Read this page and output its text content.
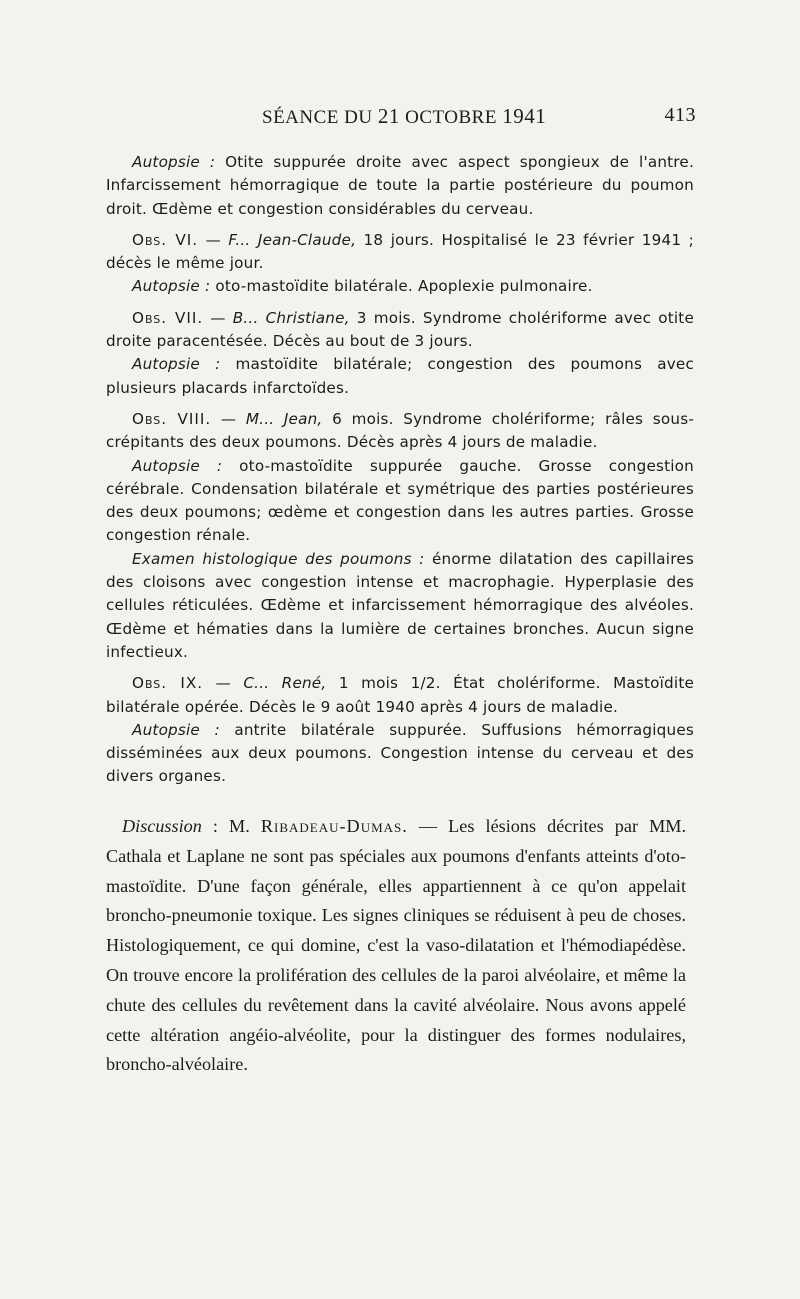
SÉANCE DU 21 OCTOBRE 1941	413

Autopsie : Otite suppurée droite avec aspect spongieux de l'antre. Infarcissement hémorragique de toute la partie postérieure du poumon droit. Œdème et congestion considérables du cerveau.

Obs. VI. — F... Jean-Claude, 18 jours. Hospitalisé le 23 février 1941 ; décès le même jour.

Autopsie : oto-mastoïdite bilatérale. Apoplexie pulmonaire.

Obs. VII. — B... Christiane, 3 mois. Syndrome cholériforme avec otite droite paracentésée. Décès au bout de 3 jours.

Autopsie : mastoïdite bilatérale; congestion des poumons avec plusieurs placards infarctoïdes.

Obs. VIII. — M... Jean, 6 mois. Syndrome cholériforme; râles sous-crépitants des deux poumons. Décès après 4 jours de maladie.

Autopsie : oto-mastoïdite suppurée gauche. Grosse congestion cérébrale. Condensation bilatérale et symétrique des parties postérieures des deux poumons; œdème et congestion dans les autres parties. Grosse congestion rénale.

Examen histologique des poumons : énorme dilatation des capillaires des cloisons avec congestion intense et macrophagie. Hyperplasie des cellules réticulées. Œdème et infarcissement hémorragique des alvéoles. Œdème et hématies dans la lumière de certaines bronches. Aucun signe infectieux.

Obs. IX. — C... René, 1 mois 1/2. État cholériforme. Mastoïdite bilatérale opérée. Décès le 9 août 1940 après 4 jours de maladie.

Autopsie : antrite bilatérale suppurée. Suffusions hémorragiques disséminées aux deux poumons. Congestion intense du cerveau et des divers organes.

Discussion : M. Ribadeau-Dumas. — Les lésions décrites par MM. Cathala et Laplane ne sont pas spéciales aux poumons d'enfants atteints d'oto-mastoïdite. D'une façon générale, elles appartiennent à ce qu'on appelait broncho-pneumonie toxique. Les signes cliniques se réduisent à peu de choses. Histologiquement, ce qui domine, c'est la vaso-dilatation et l'hémodiapédèse. On trouve encore la prolifération des cellules de la paroi alvéolaire, et même la chute des cellules du revêtement dans la cavité alvéolaire. Nous avons appelé cette altération angéio-alvéolite, pour la distinguer des formes nodulaires, broncho-alvéolaire.
